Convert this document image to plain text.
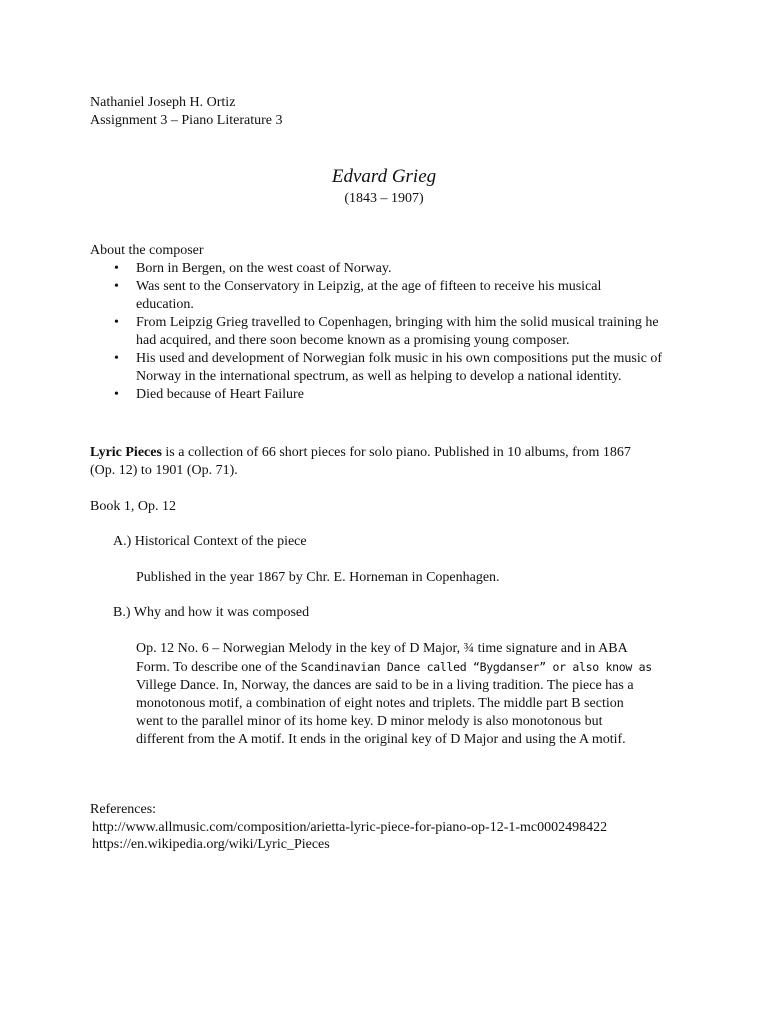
Nathaniel Joseph H. Ortiz
Assignment 3 – Piano Literature 3
Edvard Grieg
(1843 – 1907)
About the composer
• Born in Bergen, on the west coast of Norway.
• Was sent to the Conservatory in Leipzig, at the age of fifteen to receive his musical education.
• From Leipzig Grieg travelled to Copenhagen, bringing with him the solid musical training he had acquired, and there soon become known as a promising young composer.
• His used and development of Norwegian folk music in his own compositions put the music of Norway in the international spectrum, as well as helping to develop a national identity.
• Died because of Heart Failure
Lyric Pieces is a collection of 66 short pieces for solo piano. Published in 10 albums, from 1867
(Op. 12) to 1901 (Op. 71).
Book 1, Op. 12
A.) Historical Context of the piece
Published in the year 1867 by Chr. E. Horneman in Copenhagen.
B.) Why and how it was composed
Op. 12 No. 6 – Norwegian Melody in the key of D Major, ¾ time signature and in ABA
Form. To describe one of the Scandinavian Dance called “Bygdanser” or also know as
Villege Dance. In, Norway, the dances are said to be in a living tradition. The piece has a
monotonous motif, a combination of eight notes and triplets. The middle part B section
went to the parallel minor of its home key. D minor melody is also monotonous but
different from the A motif. It ends in the original key of D Major and using the A motif.
References:
http://www.allmusic.com/composition/arietta-lyric-piece-for-piano-op-12-1-mc0002498422
https://en.wikipedia.org/wiki/Lyric_Pieces
